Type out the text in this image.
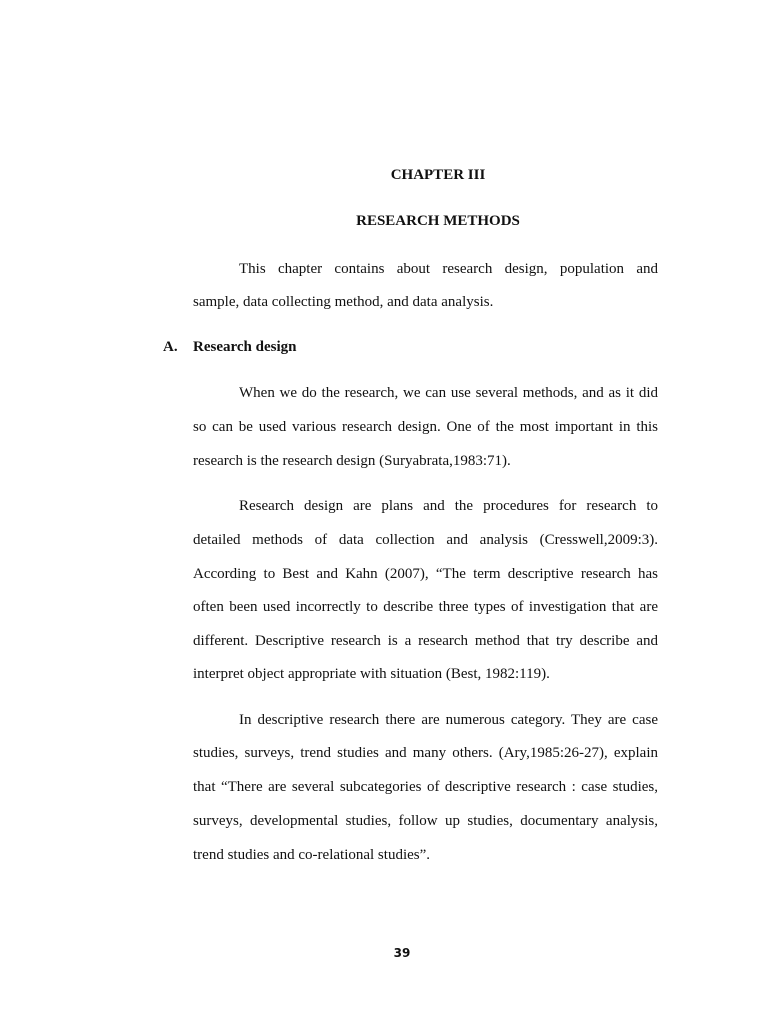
CHAPTER III
RESEARCH METHODS
This chapter contains about research design, population and
sample, data collecting method, and data analysis.
A. Research design
When we do the research, we can use several methods, and as it did
so can be used various research design. One of the most important in this
research is the research design (Suryabrata,1983:71).
Research design are plans and the procedures for research to
detailed methods of data collection and analysis (Cresswell,2009:3).
According to Best and Kahn (2007), “The term descriptive research has
often been used incorrectly to describe three types of investigation that are
different. Descriptive research is a research method that try describe and
interpret object appropriate with situation (Best, 1982:119).
In descriptive research there are numerous category. They are case
studies, surveys, trend studies and many others. (Ary,1985:26-27), explain
that “There are several subcategories of descriptive research : case studies,
surveys, developmental studies, follow up studies, documentary analysis,
trend studies and co-relational studies”.
39
